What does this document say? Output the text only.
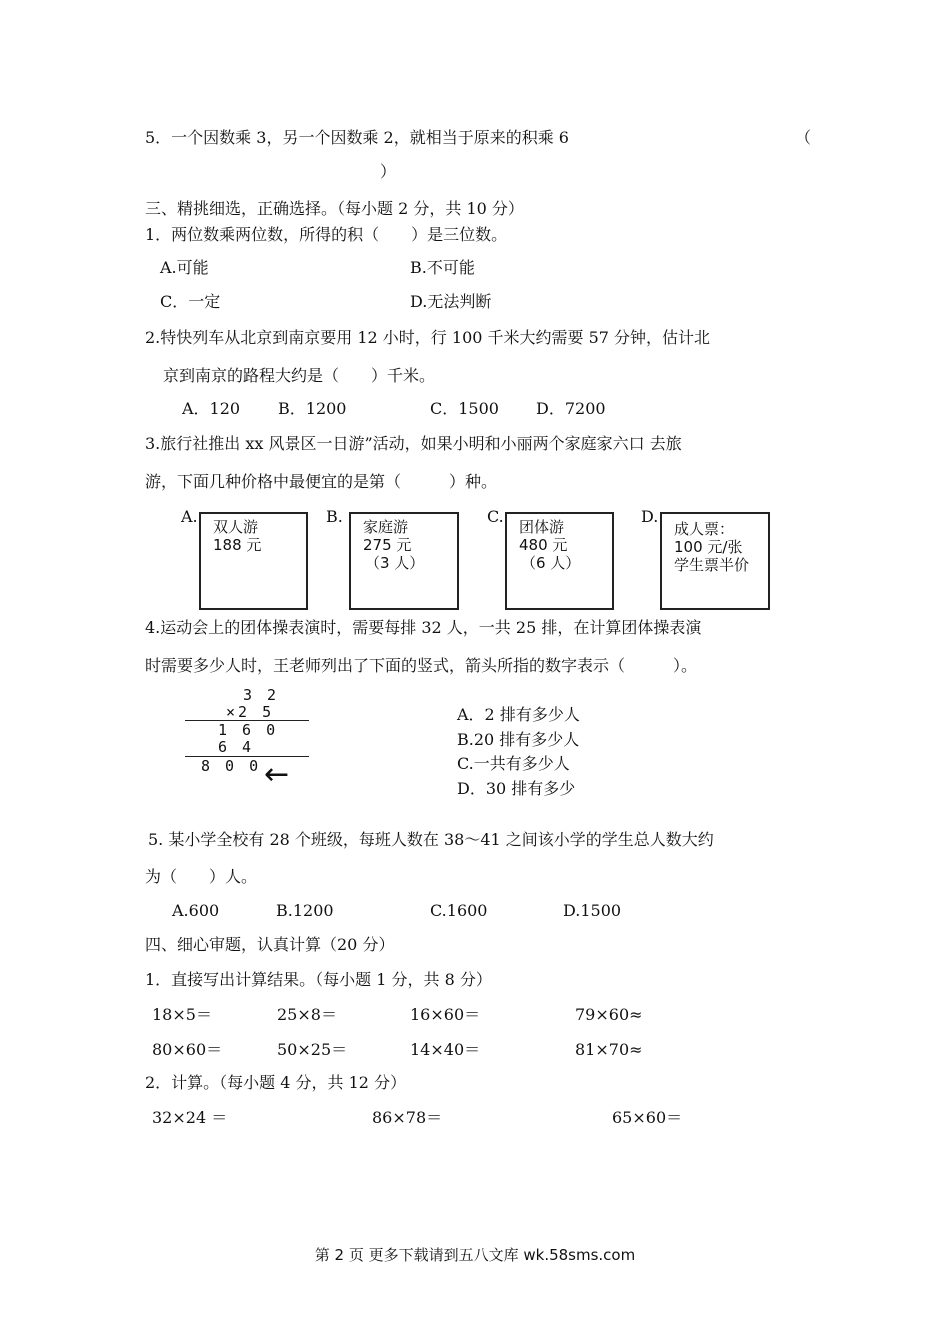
5．一个因数乘 3，另一个因数乘 2，就相当于原来的积乘 6	（
）
三、精挑细选，正确选择。（每小题 2 分，共 10 分）
1．两位数乘两位数，所得的积（　　）是三位数。
A.可能	B.不可能
C．一定	D.无法判断
2.特快列车从北京到南京要用 12 小时，行 100 千米大约需要 57 分钟，估计北
京到南京的路程大约是（　　）千米。
A．120 B．1200	C．1500 D．7200
3.旅行社推出 xx 风景区一日游”活动，如果小明和小丽两个家庭家六口 去旅
游，下面几种价格中最便宜的是第（　　　）种。
A.
双人游
188 元
B.
家庭游
275 元
（3 人）
C.
团体游
480 元
（6 人）
D.
成人票：
100 元/张
学生票半价
4.运动会上的团体操表演时，需要每排 32 人，一共 25 排，在计算团体操表演
时需要多少人时，王老师列出了下面的竖式，箭头所指的数字表示（　　　）。
3 2
×2 5
1 6 0
6 4
8 0 0 ←
A．2 排有多少人
B.20 排有多少人
C.一共有多少人
D．30 排有多少
5. 某小学全校有 28 个班级，每班人数在 38～41 之间该小学的学生总人数大约
为（　　）人。
A.600	B.1200	C.1600	D.1500
四、细心审题，认真计算（20 分）
1．直接写出计算结果。（每小题 1 分，共 8 分）
18×5＝	25×8＝	16×60＝	79×60≈
80×60＝	50×25＝	14×40＝	81×70≈
2．计算。（每小题 4 分，共 12 分）
32×24 ＝	86×78＝	65×60＝
第 2 页 更多下载请到五八文库 wk.58sms.com
